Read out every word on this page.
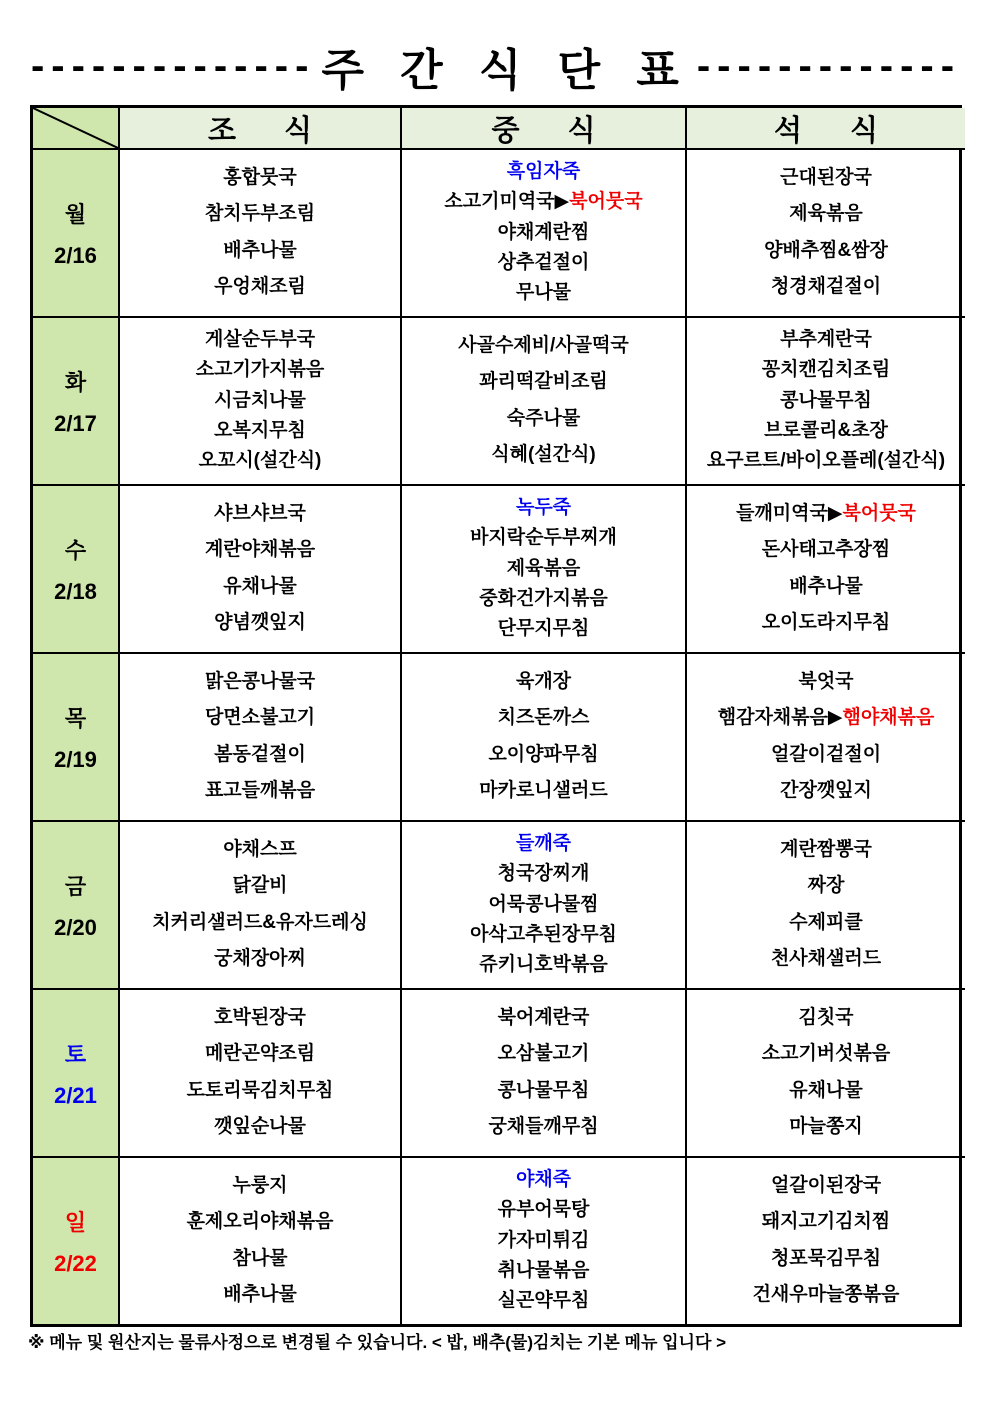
-------------- 주 간 식 단 표 -------------
조 식	중 식	석 식
월
2/16
홍합뭇국
참치두부조림
배추나물
우엉채조림
흑임자죽
소고기미역국▶북어뭇국
야채계란찜
상추겉절이
무나물
근대된장국
제육볶음
양배추찜&쌈장
청경채겉절이
화
2/17
게살순두부국
소고기가지볶음
시금치나물
오복지무침
오꼬시(설간식)
사골수제비/사골떡국
꽈리떡갈비조림
숙주나물
식혜(설간식)
부추계란국
꽁치캔김치조림
콩나물무침
브로콜리&초장
요구르트/바이오플레(설간식)
수
2/18
샤브샤브국
계란야채볶음
유채나물
양념깻잎지
녹두죽
바지락순두부찌개
제육볶음
중화건가지볶음
단무지무침
들깨미역국▶북어뭇국
돈사태고추장찜
배추나물
오이도라지무침
목
2/19
맑은콩나물국
당면소불고기
봄동겉절이
표고들깨볶음
육개장
치즈돈까스
오이양파무침
마카로니샐러드
북엇국
햄감자채볶음▶햄야채볶음
얼갈이겉절이
간장깻잎지
금
2/20
야채스프
닭갈비
치커리샐러드&유자드레싱
궁채장아찌
들깨죽
청국장찌개
어묵콩나물찜
아삭고추된장무침
쥬키니호박볶음
계란짬뽕국
짜장
수제피클
천사채샐러드
토
2/21
호박된장국
메란곤약조림
도토리묵김치무침
깻잎순나물
북어계란국
오삼불고기
콩나물무침
궁채들깨무침
김칫국
소고기버섯볶음
유채나물
마늘쫑지
일
2/22
누룽지
훈제오리야채볶음
참나물
배추나물
야채죽
유부어묵탕
가자미튀김
취나물볶음
실곤약무침
얼갈이된장국
돼지고기김치찜
청포묵김무침
건새우마늘쫑볶음
※ 메뉴 및 원산지는 물류사정으로 변경될 수 있습니다. < 밥, 배추(물)김치는 기본 메뉴 입니다 >
